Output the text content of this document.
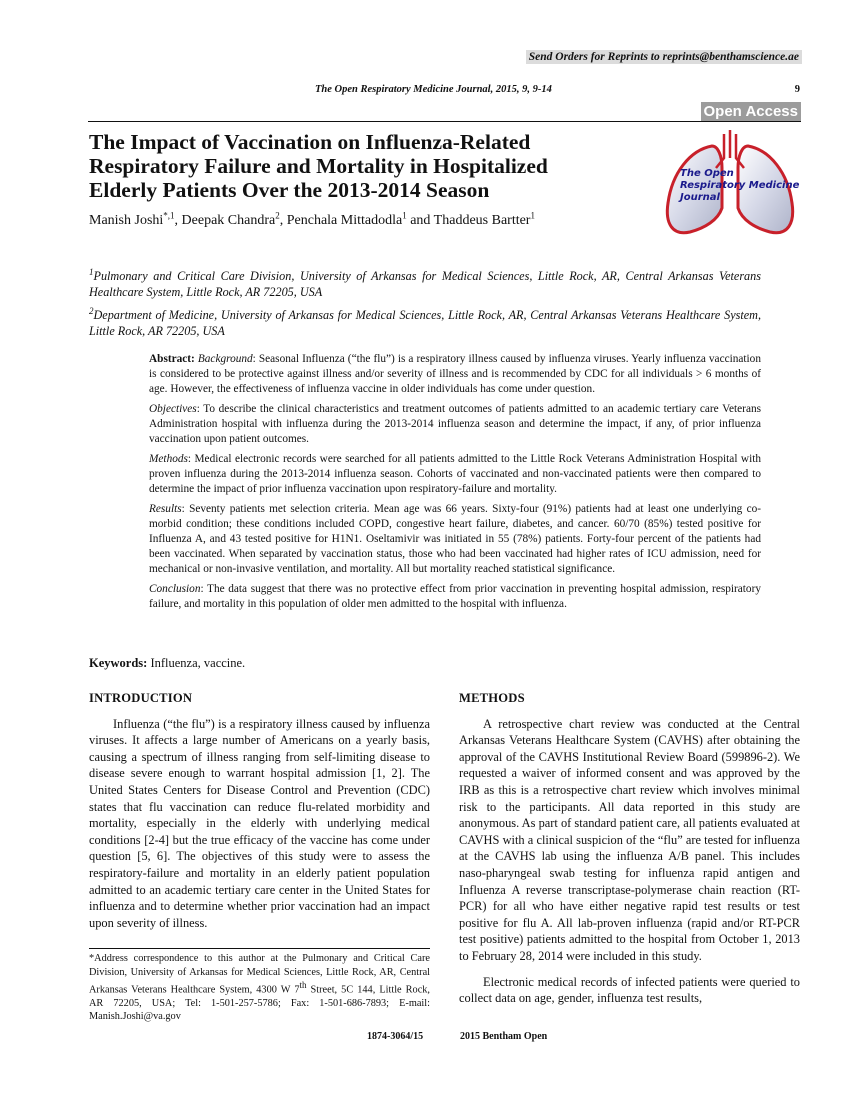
Send Orders for Reprints to reprints@benthamscience.ae
The Open Respiratory Medicine Journal, 2015, 9, 9-14	9
Open Access
The Impact of Vaccination on Influenza-Related Respiratory Failure and Mortality in Hospitalized Elderly Patients Over the 2013-2014 Season
Manish Joshi$^{*,1}$, Deepak Chandra$^2$, Penchala Mittadodla$^1$ and Thaddeus Bartter$^1$
The Open
Respiratory Medicine
Journal
$^1$Pulmonary and Critical Care Division, University of Arkansas for Medical Sciences, Little Rock, AR, Central Arkansas Veterans Healthcare System, Little Rock, AR 72205, USA
$^2$Department of Medicine, University of Arkansas for Medical Sciences, Little Rock, AR, Central Arkansas Veterans Healthcare System, Little Rock, AR 72205, USA

Abstract: Background: Seasonal Influenza (“the flu”) is a respiratory illness caused by influenza viruses. Yearly influenza vaccination is considered to be protective against illness and/or severity of illness and is recommended by CDC for all individuals > 6 months of age. However, the effectiveness of influenza vaccine in older individuals has come under question.

Objectives: To describe the clinical characteristics and treatment outcomes of patients admitted to an academic tertiary care Veterans Administration hospital with influenza during the 2013-2014 influenza season and determine the impact, if any, of prior influenza vaccination upon patient outcomes.

Methods: Medical electronic records were searched for all patients admitted to the Little Rock Veterans Administration Hospital with proven influenza during the 2013-2014 influenza season. Cohorts of vaccinated and non-vaccinated patients were then compared to determine the impact of prior influenza vaccination upon respiratory-failure and mortality.

Results: Seventy patients met selection criteria. Mean age was 66 years. Sixty-four (91%) patients had at least one underlying co-morbid condition; these conditions included COPD, congestive heart failure, diabetes, and cancer. 60/70 (85%) tested positive for Influenza A, and 43 tested positive for H1N1. Oseltamivir was initiated in 55 (78%) patients. Forty-four percent of the patients had been vaccinated. When separated by vaccination status, those who had been vaccinated had higher rates of ICU admission, need for mechanical or non-invasive ventilation, and mortality. All but mortality reached statistical significance.

Conclusion: The data suggest that there was no protective effect from prior vaccination in preventing hospital admission, respiratory failure, and mortality in this population of older men admitted to the hospital with influenza.

Keywords: Influenza, vaccine.
INTRODUCTION

Influenza (“the flu”) is a respiratory illness caused by influenza viruses. It affects a large number of Americans on a yearly basis, causing a spectrum of illness ranging from self-limiting disease to disease severe enough to warrant hospital admission [1, 2]. The United States Centers for Disease Control and Prevention (CDC) states that flu vaccination can reduce flu-related morbidity and mortality, especially in the elderly with underlying medical conditions [2-4] but the true efficacy of the vaccine has come under question [5, 6]. The objectives of this study were to assess the respiratory-failure and mortality in an elderly patient population admitted to an academic tertiary care center in the United States for influenza and to determine whether prior vaccination had an impact upon severity of illness.

*Address correspondence to this author at the Pulmonary and Critical Care Division, University of Arkansas for Medical Sciences, Little Rock, AR, Central Arkansas Veterans Healthcare System, 4300 W 7th Street, 5C 144, Little Rock, AR 72205, USA; Tel: 1-501-257-5786; Fax: 1-501-686-7893; E-mail: Manish.Joshi@va.gov
METHODS

A retrospective chart review was conducted at the Central Arkansas Veterans Healthcare System (CAVHS) after obtaining the approval of the CAVHS Institutional Review Board (599896-2). We requested a waiver of informed consent and was approved by the IRB as this is a retrospective chart review which involves minimal risk to the participants. All data reported in this study are anonymous. As part of standard patient care, all patients evaluated at CAVHS with a clinical suspicion of the “flu” are tested for influenza at the CAVHS lab using the influenza A/B panel. This includes naso-pharyngeal swab testing for influenza rapid antigen and Influenza A reverse transcriptase-polymerase chain reaction (RT-PCR) for all who have either negative rapid test results or test positive for flu A. All lab-proven influenza (rapid and/or RT-PCR test positive) patients admitted to the hospital from October 1, 2013 to February 28, 2014 were included in this study.

Electronic medical records of infected patients were queried to collect data on age, gender, influenza test results,

1874-3064/15	2015 Bentham Open
